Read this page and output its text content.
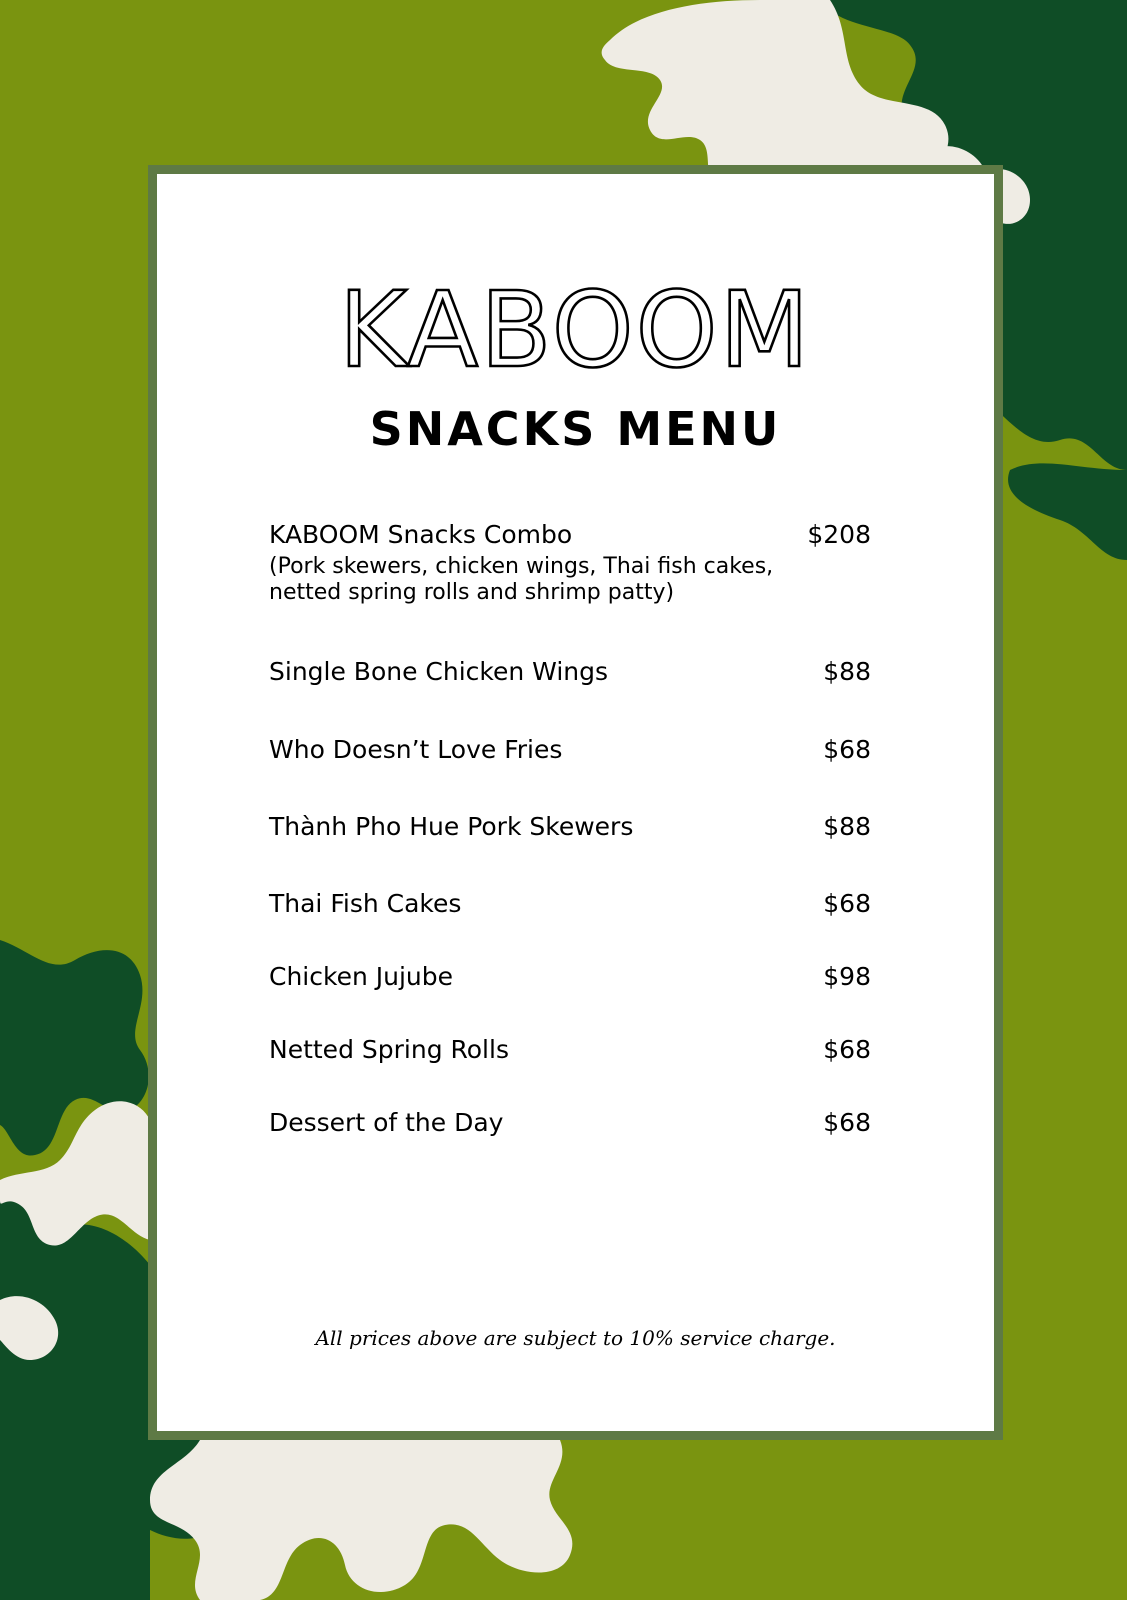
KABOOM
SNACKS MENU
KABOOM Snacks Combo	$208
(Pork skewers, chicken wings, Thai fish cakes, netted spring rolls and shrimp patty)
Single Bone Chicken Wings	$88
Who Doesn’t Love Fries	$68
Thành Pho Hue Pork Skewers	$88
Thai Fish Cakes	$68
Chicken Jujube	$98
Netted Spring Rolls	$68
Dessert of the Day	$68
All prices above are subject to 10% service charge.
